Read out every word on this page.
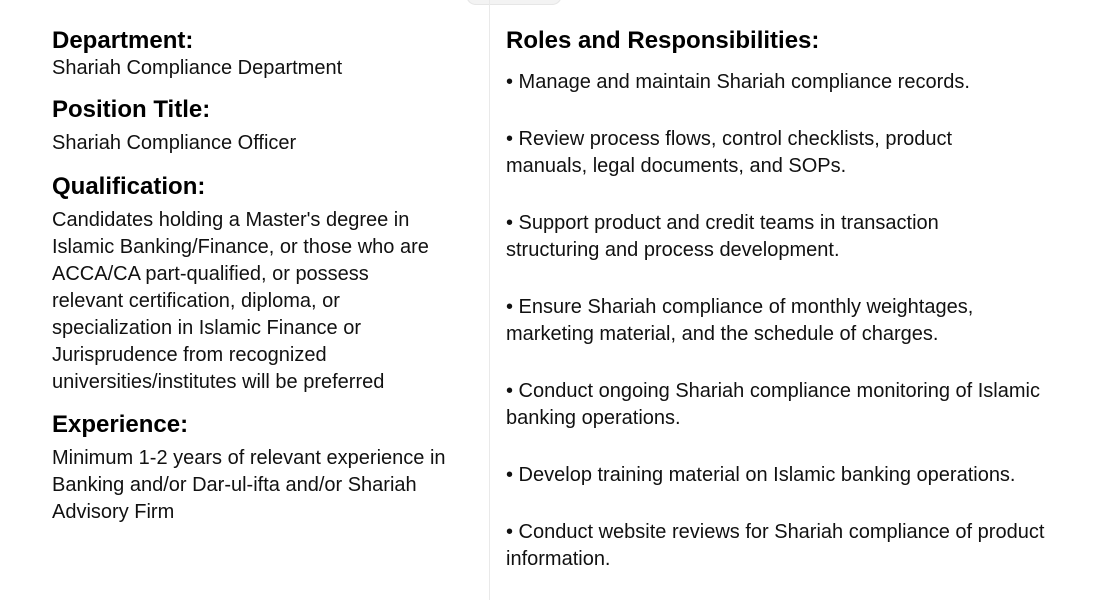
Department:

Shariah Compliance Department

Position Title:

Shariah Compliance Officer

Qualification:

Candidates holding a Master's degree in Islamic Banking/Finance, or those who are ACCA/CA part-qualified, or possess relevant certification, diploma, or specialization in Islamic Finance or Jurisprudence from recognized universities/institutes will be preferred

Experience:

Minimum 1-2 years of relevant experience in Banking and/or Dar-ul-ifta and/or Shariah Advisory Firm

Roles and Responsibilities:

• Manage and maintain Shariah compliance records.

• Review process flows, control checklists, product manuals, legal documents, and SOPs.

• Support product and credit teams in transaction structuring and process development.

• Ensure Shariah compliance of monthly weightages, marketing material, and the schedule of charges.

• Conduct ongoing Shariah compliance monitoring of Islamic banking operations.

• Develop training material on Islamic banking operations.

• Conduct website reviews for Shariah compliance of product information.
